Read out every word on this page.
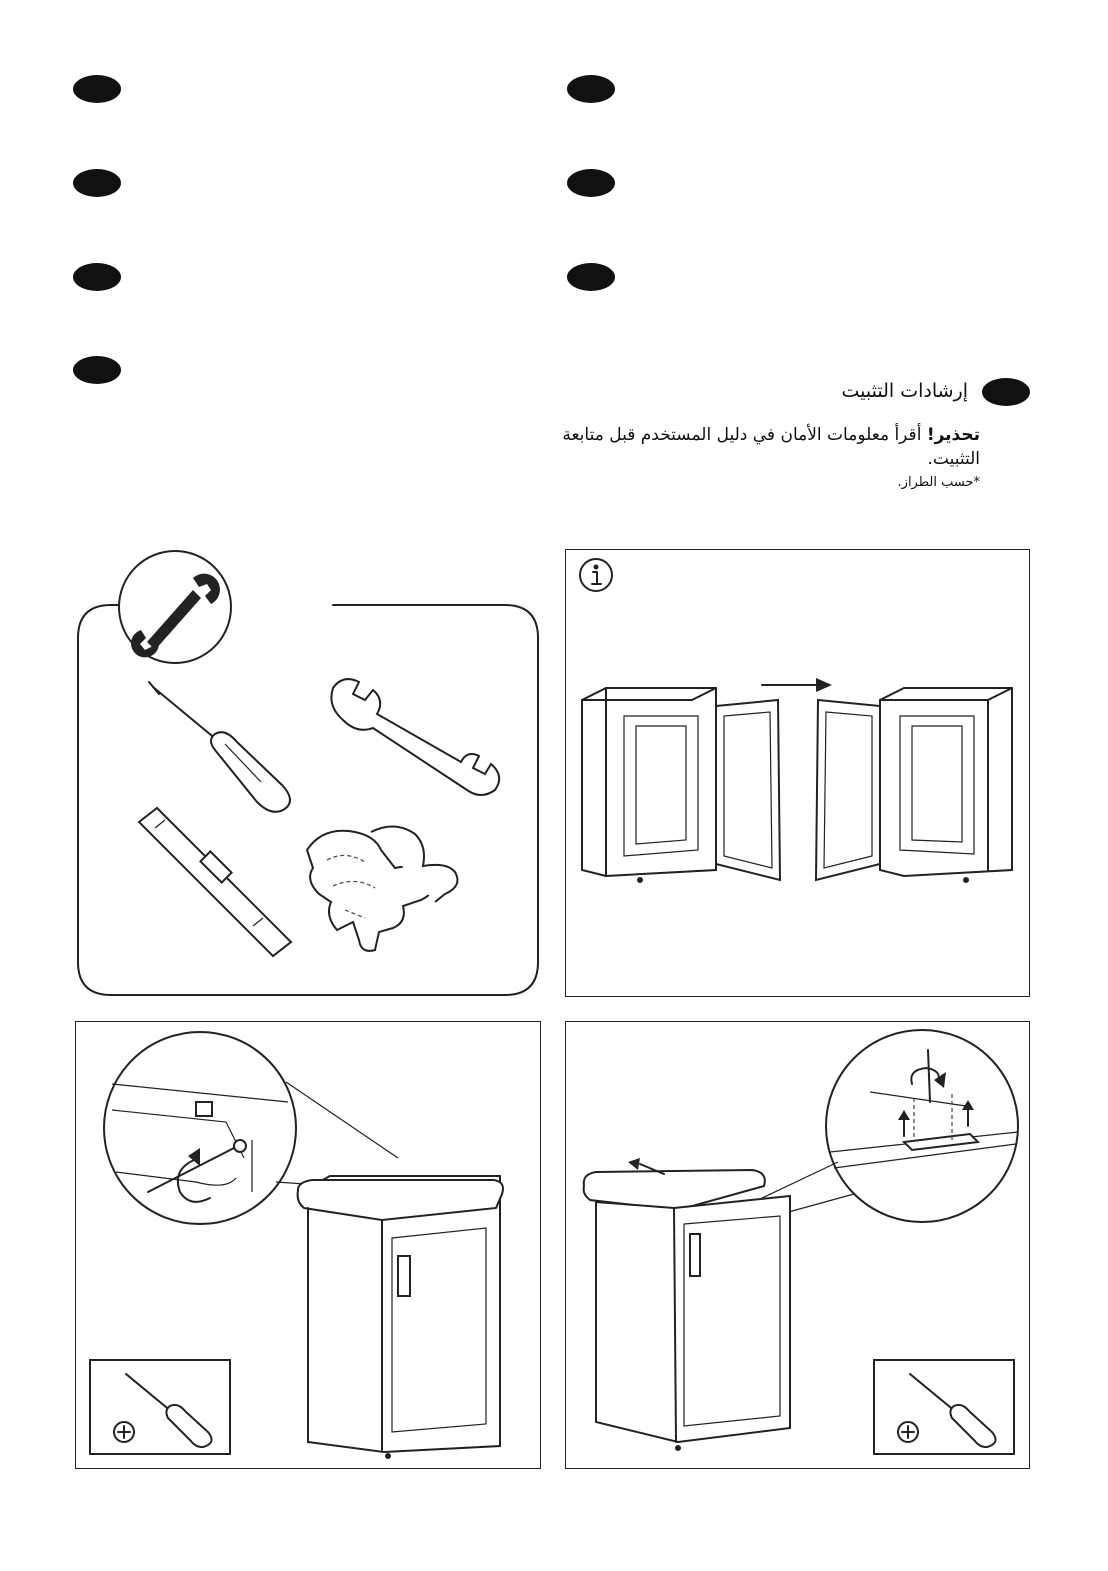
إرشادات التثبيت
تحذير! أقرأ معلومات الأمان في دليل المستخدم قبل متابعة التثبيت.
*حسب الطراز.
